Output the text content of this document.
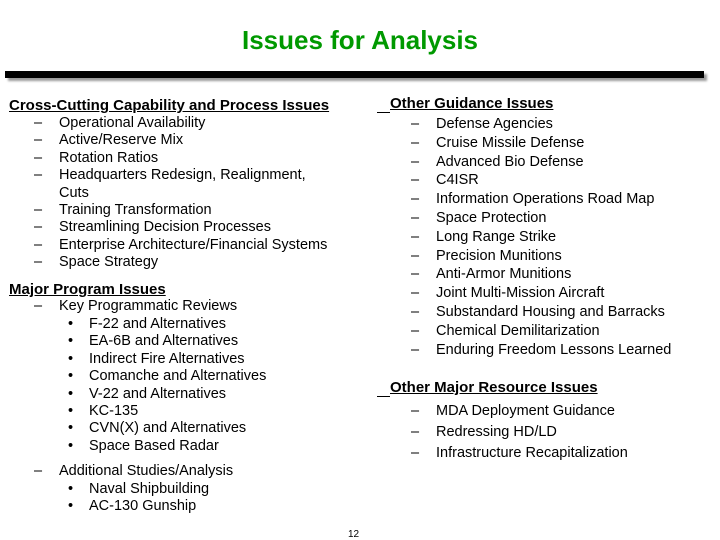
Issues for Analysis
Cross-Cutting Capability and Process Issues
– Operational Availability
– Active/Reserve Mix
– Rotation Ratios
– Headquarters Redesign, Realignment, Cuts
– Training Transformation
– Streamlining Decision Processes
– Enterprise Architecture/Financial Systems
– Space Strategy
Major Program Issues
– Key Programmatic Reviews
• F-22 and Alternatives
• EA-6B and Alternatives
• Indirect Fire Alternatives
• Comanche and Alternatives
• V-22 and Alternatives
• KC-135
• CVN(X) and Alternatives
• Space Based Radar
– Additional Studies/Analysis
• Naval Shipbuilding
• AC-130 Gunship
Other Guidance Issues
– Defense Agencies
– Cruise Missile Defense
– Advanced Bio Defense
– C4ISR
– Information Operations Road Map
– Space Protection
– Long Range Strike
– Precision Munitions
– Anti-Armor Munitions
– Joint Multi-Mission Aircraft
– Substandard Housing and Barracks
– Chemical Demilitarization
– Enduring Freedom Lessons Learned
Other Major Resource Issues
– MDA Deployment Guidance
– Redressing HD/LD
– Infrastructure Recapitalization
12
